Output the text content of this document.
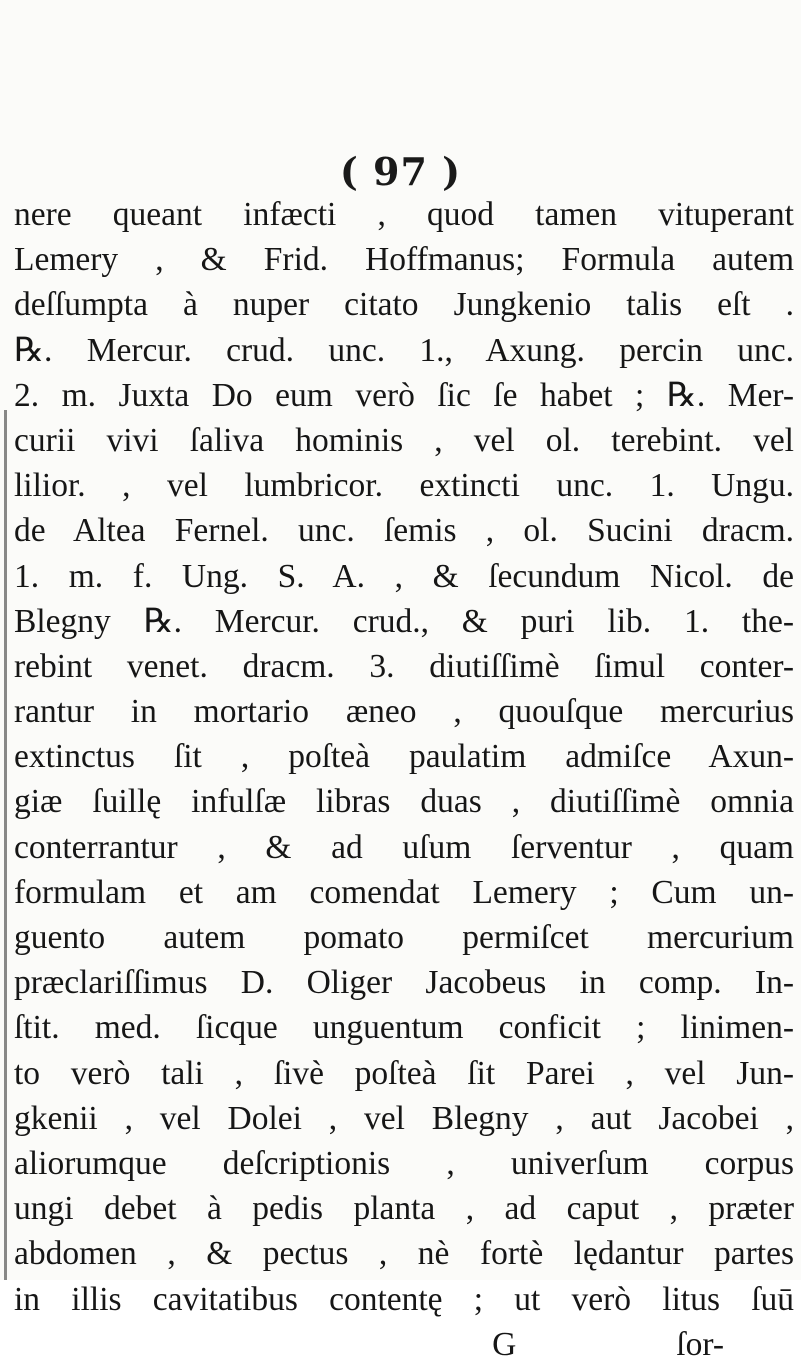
( 97 )
nere queant infæcti , quod tamen vituperant
Lemery , & Frid. Hoffmanus; Formula autem
deſſumpta à nuper citato Jungkenio talis eſt .
℞. Mercur. crud. unc. 1., Axung. percin unc.
2. m. Juxta Do eum verò ſic ſe habet ; ℞. Mer-
curii vivi ſaliva hominis , vel ol. terebint. vel
lilior. , vel lumbricor. extincti unc. 1. Ungu.
de Altea Fernel. unc. ſemis , ol. Sucini dracm.
1. m. f. Ung. S. A. , & ſecundum Nicol. de
Blegny ℞. Mercur. crud., & puri lib. 1. the-
rebint venet. dracm. 3. diutiſſimè ſimul conter-
rantur in mortario æneo , quouſque mercurius
extinctus ſit , poſteà paulatim admiſce Axun-
giæ ſuillę infulſæ libras duas , diutiſſimè omnia
conterrantur , & ad uſum ſerventur , quam
formulam et am comendat Lemery ; Cum un-
guento autem pomato permiſcet mercurium
præclariſſimus D. Oliger Jacobeus in comp. In-
ſtit. med. ſicque unguentum conficit ; linimen-
to verò tali , ſivè poſteà ſit Parei , vel Jun-
gkenii , vel Dolei , vel Blegny , aut Jacobei ,
aliorumque deſcriptionis , univerſum corpus
ungi debet à pedis planta , ad caput , præter
abdomen , & pectus , nè fortè lędantur partes
in illis cavitatibus contentę ; ut verò litus ſuū
G	ſor-
